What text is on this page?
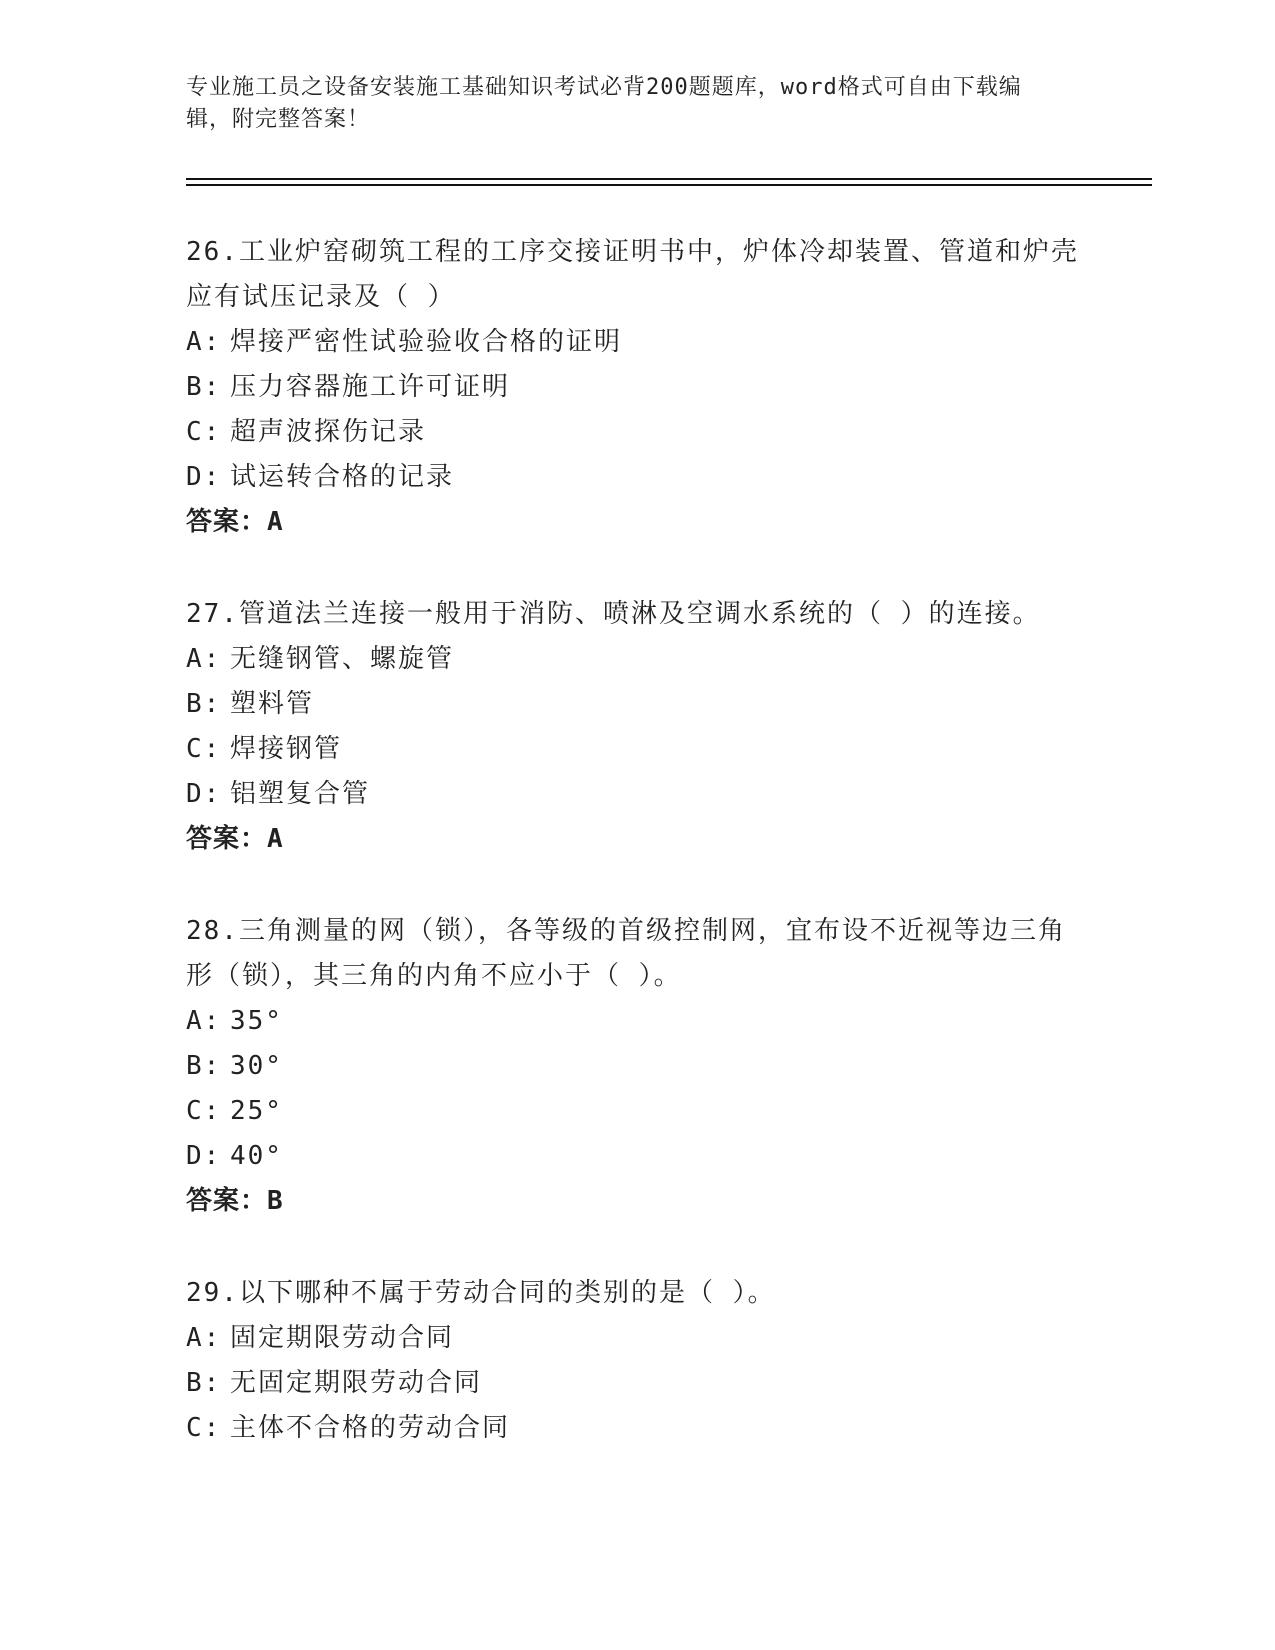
专业施工员之设备安装施工基础知识考试必背200题题库，word格式可自由下载编辑，附完整答案！

26.工业炉窑砌筑工程的工序交接证明书中，炉体冷却装置、管道和炉壳应有试压记录及（ ）

A: 焊接严密性试验验收合格的证明

B: 压力容器施工许可证明

C: 超声波探伤记录

D: 试运转合格的记录

答案：A

27.管道法兰连接一般用于消防、喷淋及空调水系统的（ ）的连接。

A: 无缝钢管、螺旋管

B: 塑料管

C: 焊接钢管

D: 铝塑复合管

答案：A

28.三角测量的网（锁），各等级的首级控制网，宜布设不近视等边三角形（锁），其三角的内角不应小于（ ）。

A: 35°

B: 30°

C: 25°

D: 40°

答案：B

29.以下哪种不属于劳动合同的类别的是（ ）。

A: 固定期限劳动合同

B: 无固定期限劳动合同

C: 主体不合格的劳动合同
